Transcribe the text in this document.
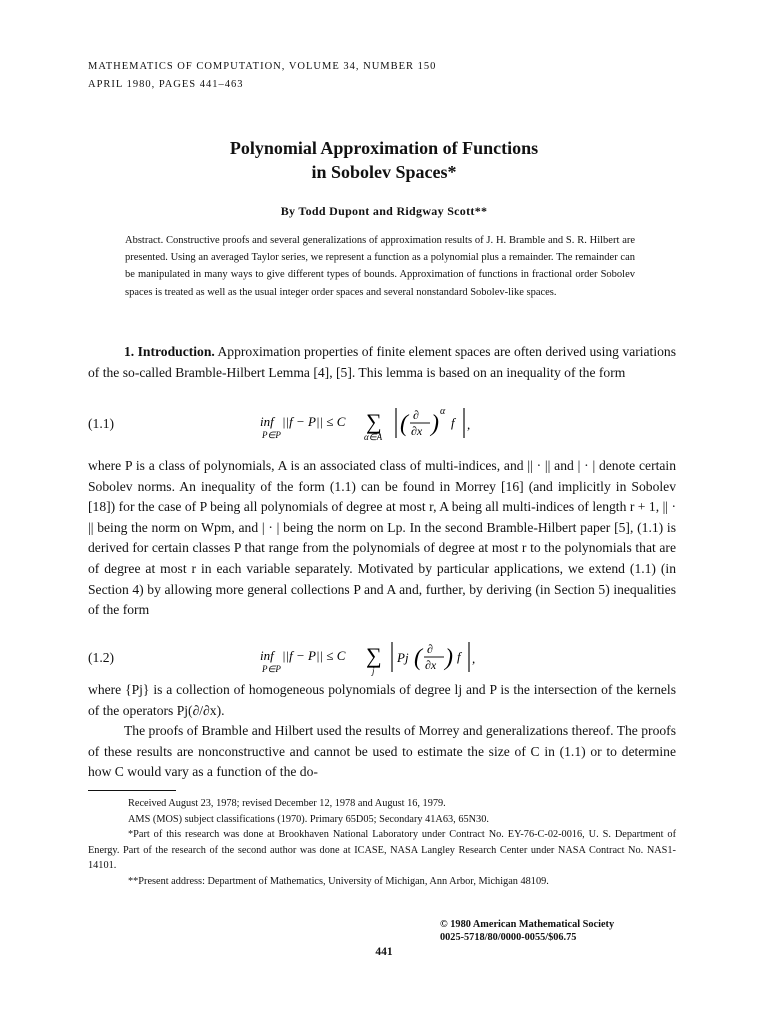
MATHEMATICS OF COMPUTATION, VOLUME 34, NUMBER 150
APRIL 1980, PAGES 441–463
Polynomial Approximation of Functions
in Sobolev Spaces*
By Todd Dupont and Ridgway Scott**
Abstract. Constructive proofs and several generalizations of approximation results of J. H. Bramble and S. R. Hilbert are presented. Using an averaged Taylor series, we represent a function as a polynomial plus a remainder. The remainder can be manipulated in many ways to give different types of bounds. Approximation of functions in fractional order Sobolev spaces is treated as well as the usual integer order spaces and several nonstandard Sobolev-like spaces.

1. Introduction. Approximation properties of finite element spaces are often derived using variations of the so-called Bramble-Hilbert Lemma [4], [5]. This lemma is based on an inequality of the form

(1.1)	inf
P∈P
||f − P|| ≤ C ∑
α∈A ( ∂
∂x ) α
f ,
where P is a class of polynomials, A is an associated class of multi-indices, and || · || and | · | denote certain Sobolev norms. An inequality of the form (1.1) can be found in Morrey [16] (and implicitly in Sobolev [18]) for the case of P being all polynomials of degree at most r, A being all multi-indices of length r + 1, || · || being the norm on Wpm, and | · | being the norm on Lp. In the second Bramble-Hilbert paper [5], (1.1) is derived for certain classes P that range from the polynomials of degree at most r to the polynomials that are of degree at most r in each variable separately. Motivated by particular applications, we extend (1.1) (in Section 4) by allowing more general collections P and A and, further, by deriving (in Section 5) inequalities of the form
(1.2)	inf
P∈P
||f − P|| ≤ C ∑
j
Pj ( ∂
∂x ) f ,

where {Pj} is a collection of homogeneous polynomials of degree lj and P is the intersection of the kernels of the operators Pj(∂/∂x).

The proofs of Bramble and Hilbert used the results of Morrey and generalizations thereof. The proofs of these results are nonconstructive and cannot be used to estimate the size of C in (1.1) or to determine how C would vary as a function of the do-

Received August 23, 1978; revised December 12, 1978 and August 16, 1979.

AMS (MOS) subject classifications (1970). Primary 65D05; Secondary 41A63, 65N30.

*Part of this research was done at Brookhaven National Laboratory under Contract No. EY-76-C-02-0016, U. S. Department of Energy. Part of the research of the second author was done at ICASE, NASA Langley Research Center under NASA Contract No. NAS1-14101.

**Present address: Department of Mathematics, University of Michigan, Ann Arbor, Michigan 48109.

© 1980 American Mathematical Society
0025-5718/80/0000-0055/$06.75
441
